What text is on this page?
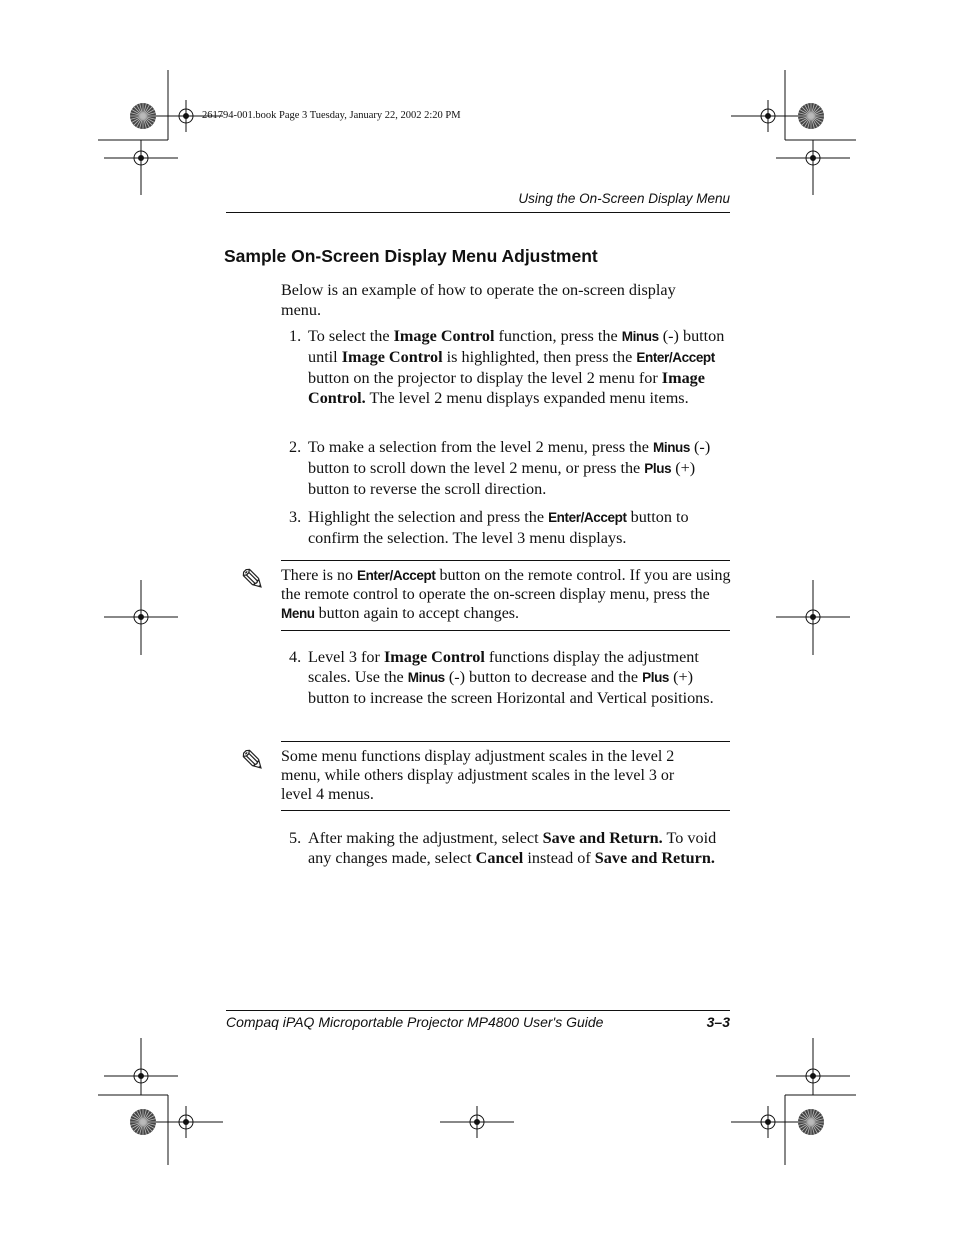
261794-001.book Page 3 Tuesday, January 22, 2002 2:20 PM
Using the On-Screen Display Menu
Sample On-Screen Display Menu Adjustment
Below is an example of how to operate the on-screen display menu.
1. To select the Image Control function, press the Minus (-) button until Image Control is highlighted, then press the Enter/Accept button on the projector to display the level 2 menu for Image Control. The level 2 menu displays expanded menu items.
2. To make a selection from the level 2 menu, press the Minus (-) button to scroll down the level 2 menu, or press the Plus (+) button to reverse the scroll direction.
3. Highlight the selection and press the Enter/Accept button to confirm the selection. The level 3 menu displays.
✎ There is no Enter/Accept button on the remote control. If you are using the remote control to operate the on-screen display menu, press the Menu button again to accept changes.
4. Level 3 for Image Control functions display the adjustment scales. Use the Minus (-) button to decrease and the Plus (+) button to increase the screen Horizontal and Vertical positions.
✎ Some menu functions display adjustment scales in the level 2 menu, while others display adjustment scales in the level 3 or level 4 menus.
5. After making the adjustment, select Save and Return. To void any changes made, select Cancel instead of Save and Return.
Compaq iPAQ Microportable Projector MP4800 User's Guide	3–3
